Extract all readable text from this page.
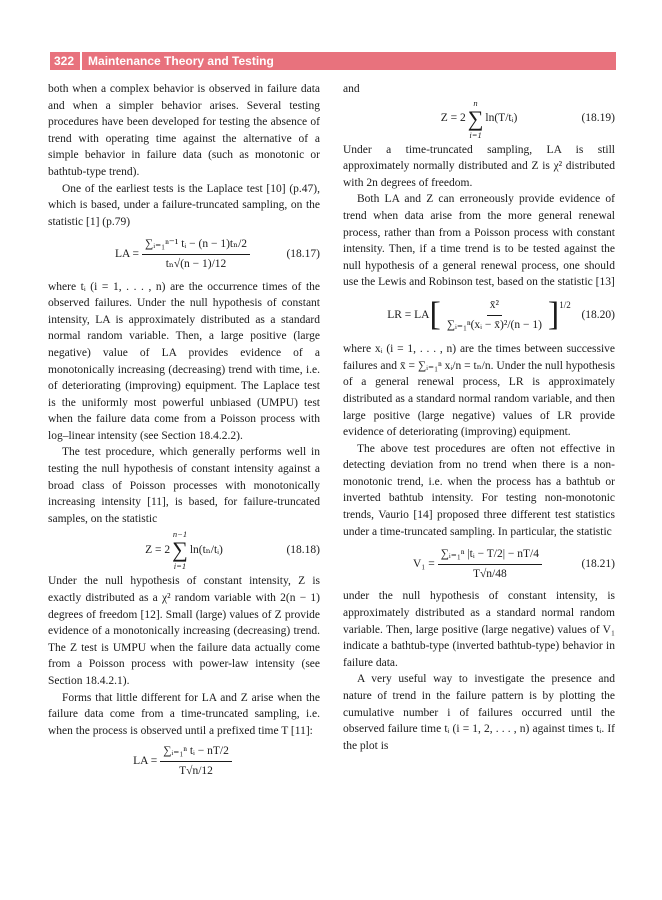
322	Maintenance Theory and Testing

both when a complex behavior is observed in failure data and when a simpler behavior arises. Several testing procedures have been developed for testing the absence of trend with operating time against the alternative of a simple behavior in failure data (such as monotonic or bathtub-type trend).

One of the earliest tests is the Laplace test [10] (p.47), which is based, under a failure-truncated sampling, on the statistic [1] (p.79)

LA = $\frac{\text{∑ᵢ₌₁ⁿ⁻¹ tᵢ − (n − 1)tₙ/2}}{\text{tₙ√(n − 1)/12}}$	(18.17)

where tᵢ (i = 1, . . . , n) are the occurrence times of the observed failures. Under the null hypothesis of constant intensity, LA is approximately distributed as a standard normal random variable. Then, a large positive (large negative) value of LA provides evidence of a monotonically increasing (decreasing) trend with time, i.e. of deteriorating (improving) equipment. The Laplace test is the uniformly most powerful unbiased (UMPU) test when the failure data come from a Poisson process with log–linear intensity (see Section 18.4.2.2).

The test procedure, which generally performs well in testing the null hypothesis of constant intensity against a broad class of Poisson processes with monotonically increasing intensity [11], is based, for failure-truncated samples, on the statistic

Z = 2
n−1
∑
i=1
ln(tₙ/tᵢ)	(18.18)

Under the null hypothesis of constant intensity, Z is exactly distributed as a χ² random variable with 2(n − 1) degrees of freedom [12]. Small (large) values of Z provide evidence of a monotonically increasing (decreasing) trend. The Z test is UMPU when the failure data actually come from a Poisson process with power-law intensity (see Section 18.4.2.1).

Forms that little different for LA and Z arise when the failure data come from a time-truncated sampling, i.e. when the process is observed until a prefixed time T [11]:

LA = $\frac{\text{∑ᵢ₌₁ⁿ tᵢ − nT/2}}{T√n/12}$

and

Z = 2
n
∑
i=1
ln(T/tᵢ)	(18.19)

Under a time-truncated sampling, LA is still approximately normally distributed and Z is χ² distributed with 2n degrees of freedom.

Both LA and Z can erroneously provide evidence of trend when data arise from the more general renewal process, rather than from a Poisson process with constant intensity. Then, if a time trend is to be tested against the null hypothesis of a general renewal process, one should use the Lewis and Robinson test, based on the statistic [13]

LR = LA [ $\frac{\text{x̄²}}{\text{∑ᵢ₌₁ⁿ(xᵢ − x̄)²/(n − 1)}} ]^{1/2}$
(18.20)

where xᵢ (i = 1, . . . , n) are the times between successive failures and x̄ = ∑ᵢ₌₁ⁿ xᵢ/n = tₙ/n. Under the null hypothesis of a general renewal process, LR is approximately distributed as a standard normal random variable, and then large positive (large negative) values of LR provide evidence of deteriorating (improving) equipment.

The above test procedures are often not effective in detecting deviation from no trend when there is a non-monotonic trend, i.e. when the process has a bathtub or inverted bathtub intensity. For testing non-monotonic trends, Vaurio [14] proposed three different test statistics under a time-truncated sampling. In particular, the statistic

$V_1 = \frac{\text{∑ᵢ₌₁ⁿ |tᵢ − T/2| − nT/4}}{T√n/48}$	(18.21)

under the null hypothesis of constant intensity, is approximately distributed as a standard normal random variable. Then, large positive (large negative) values of V₁ indicate a bathtub-type (inverted bathtub-type) behavior in failure data.

A very useful way to investigate the presence and nature of trend in the failure pattern is by plotting the cumulative number i of failures occurred until the observed failure time tᵢ (i = 1, 2, . . . , n) against times tᵢ. If the plot is
